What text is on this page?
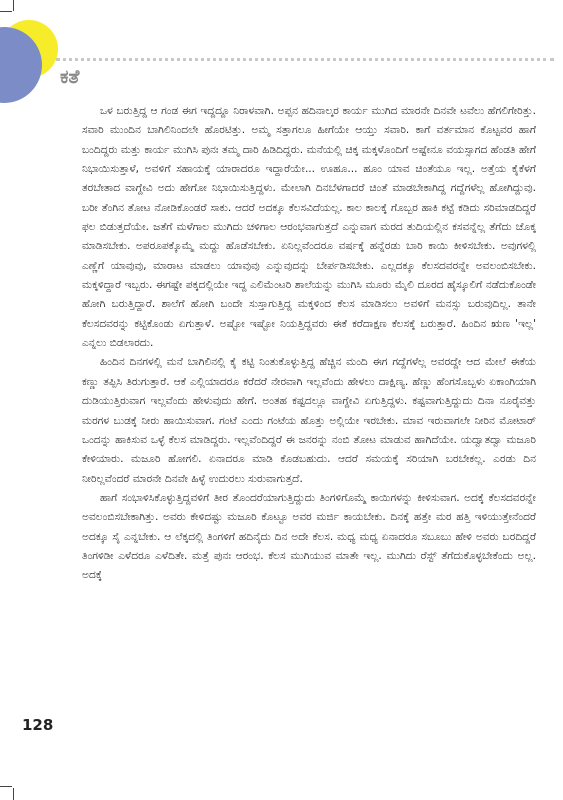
ಕತೆ

ಒಳ ಬರುತ್ತಿದ್ದ ಆ ಗಂಡ ಈಗ ಇದ್ದದ್ದೂ ನಿರಾಳವಾಗಿ. ಅಪ್ಪನ ಹದಿನಾಲ್ಕರ ಕಾರ್ಯ ಮುಗಿದ ಮಾರನೇ ದಿನವೇ ಟವೆಲು ಹೆಗಲಿಗೇರಿತ್ತು. ಸವಾರಿ ಮುಂದಿನ ಬಾಗಿಲಿನಿಂದಲೇ ಹೊರಟಿತ್ತು. ಅಮ್ಮ ಸತ್ತಾಗಲೂ ಹೀಗೆಯೇ ಆಯ್ತು ಸವಾರಿ. ಕಾಗೆ ವರ್ತಮಾನ ಕೊಟ್ಟವರ ಹಾಗೆ ಬಂದಿದ್ದರು ಮತ್ತು ಕಾರ್ಯ ಮುಗಿಸಿ ಪುನಃ ತಮ್ಮ ದಾರಿ ಹಿಡಿದಿದ್ದರು. ಮನೆಯಲ್ಲಿ ಚಿಕ್ಕ ಮಕ್ಕಳೊಂದಿಗೆ ಅಷ್ಟೇನೂ ವಯಸ್ಸಾಗದ ಹೆಂಡತಿ ಹೇಗೆ ನಿಭಾಯಿಸುತ್ತಾಳೆ, ಅವಳಿಗೆ ಸಹಾಯಕ್ಕೆ ಯಾರಾದರೂ ಇದ್ದಾರೆಯೇ... ಊಹೂ... ಹೂಂ ಯಾವ ಚಿಂತೆಯೂ ಇಲ್ಲ. ಅತ್ತೆಯ ಕೈಕೆಳಗೆ ತರಬೇತಾದ ವಾಗ್ದೇವಿ ಅದು ಹೇಗೋ ನಿಭಾಯಿಸುತ್ತಿದ್ದಳು. ಮೇಲಾಗಿ ದಿನಬೆಳಗಾದರೆ ಚಿಂತೆ ಮಾಡಬೇಕಾಗಿದ್ದ ಗದ್ದೆಗಳೆಲ್ಲ ಹೋಗಿದ್ದುವು. ಬರೀ ತೆಂಗಿನ ತೋಟ ನೋಡಿಕೊಂಡರೆ ಸಾಕು. ಆದರೆ ಅದಕ್ಕೂ ಕೆಲಸವಿದೆಯಲ್ಲ. ಕಾಲ ಕಾಲಕ್ಕೆ ಗೊಬ್ಬರ ಹಾಕಿ ಕಟ್ಟೆ ಕಡಿದು ಸರಿಮಾಡದಿದ್ದರೆ ಫಲ ಬಿಡುತ್ತದೆಯೇ. ಜತೆಗೆ ಮಳೆಗಾಲ ಮುಗಿದು ಚಳಿಗಾಲ ಆರಂಭವಾಗುತ್ತದೆ ಎನ್ನುವಾಗ ಮರದ ತುದಿಯಲ್ಲಿನ ಕಸವನ್ನೆಲ್ಲ ತೆಗೆದು ಚೊಕ್ಕ ಮಾಡಿಸಬೇಕು. ಅಪರೂಪಕ್ಕೊಮ್ಮೆ ಮದ್ದು ಹೊಡೆಸಬೇಕು. ಏನಿಲ್ಲವೆಂದರೂ ವರ್ಷಕ್ಕೆ ಹನ್ನೆರಡು ಬಾರಿ ಕಾಯಿ ಕೀಳಿಸಬೇಕು. ಅವುಗಳಲ್ಲಿ ಎಣ್ಣೆಗೆ ಯಾವುವು, ಮಾರಾಟ ಮಾಡಲು ಯಾವುವು ಎನ್ನುವುದನ್ನು ಬೇರ್ಪಡಿಸಬೇಕು. ಎಲ್ಲದಕ್ಕೂ ಕೆಲಸದವರನ್ನೇ ಅವಲಂಬಿಸಬೇಕು. ಮಕ್ಕಳಿದ್ದಾರೆ ಇಬ್ಬರು. ಈಗಷ್ಟೇ ಪಕ್ಕದಲ್ಲಿಯೇ ಇದ್ದ ಎಲಿಮೆಂಟರಿ ಶಾಲೆಯನ್ನು ಮುಗಿಸಿ ಮೂರು ಮೈಲಿ ದೂರದ ಹೈಸ್ಕೂಲಿಗೆ ನಡೆದುಕೊಂಡೇ ಹೋಗಿ ಬರುತ್ತಿದ್ದಾರೆ. ಶಾಲೆಗೆ ಹೋಗಿ ಬಂದೇ ಸುಸ್ತಾಗುತ್ತಿದ್ದ ಮಕ್ಕಳಿಂದ ಕೆಲಸ ಮಾಡಿಸಲು ಅವಳಿಗೆ ಮನಸ್ಸು ಬರುವುದಿಲ್ಲ. ತಾನೇ ಕೆಲಸದವರನ್ನು ಕಟ್ಟಿಕೊಂಡು ಏಗುತ್ತಾಳೆ. ಅಷ್ಟೋ ಇಷ್ಟೋ ನಿಯತ್ತಿದ್ದವರು ಈಕೆ ಕರೆದಾಕ್ಷಣ ಕೆಲಸಕ್ಕೆ ಬರುತ್ತಾರೆ. ಹಿಂದಿನ ಋಣ 'ಇಲ್ಲ' ಎನ್ನಲು ಬಿಡಲಾರದು.

ಹಿಂದಿನ ದಿನಗಳಲ್ಲಿ ಮನೆ ಬಾಗಿಲಿನಲ್ಲಿ ಕೈ ಕಟ್ಟಿ ನಿಂತುಕೊಳ್ಳುತ್ತಿದ್ದ ಹೆಚ್ಚಿನ ಮಂದಿ ಈಗ ಗದ್ದೆಗಳೆಲ್ಲ ಅವರದ್ದೇ ಆದ ಮೇಲೆ ಈಕೆಯ ಕಣ್ಣು ತಪ್ಪಿಸಿ ತಿರುಗುತ್ತಾರೆ. ಆಕೆ ಎಲ್ಲಿಯಾದರೂ ಕರೆದರೆ ನೇರವಾಗಿ ಇಲ್ಲವೆಂದು ಹೇಳಲು ದಾಕ್ಷಿಣ್ಯ. ಹೆಣ್ಣು ಹೆಂಗಸೊಬ್ಬಳು ಏಕಾಂಗಿಯಾಗಿ ದುಡಿಯುತ್ತಿರುವಾಗ ಇಲ್ಲವೆಂದು ಹೇಳುವುದು ಹೇಗೆ. ಅಂತಹ ಕಷ್ಟದಲ್ಲೂ ವಾಗ್ದೇವಿ ಏಗುತ್ತಿದ್ದಳು. ಕಷ್ಟವಾಗುತ್ತಿದ್ದುದು ದಿನಾ ನೂರೈವತ್ತು ಮರಗಳ ಬುಡಕ್ಕೆ ನೀರು ಹಾಯಿಸುವಾಗ. ಗಂಟೆ ಎಂದು ಗಂಟೆಯ ಹೊತ್ತು ಅಲ್ಲಿಯೇ ಇರಬೇಕು. ಮಾವ ಇರುವಾಗಲೇ ನೀರಿನ ಮೋಟಾರ್ ಒಂದನ್ನು ಹಾಕಿಸುವ ಒಳ್ಳೆ ಕೆಲಸ ಮಾಡಿದ್ದರು. ಇಲ್ಲವೆಂದಿದ್ದರೆ ಈ ಜನರನ್ನು ನಂಬಿ ತೋಟ ಮಾಡುವ ಹಾಗಿದೆಯೇ. ಯದ್ವಾತದ್ವಾ ಮಜೂರಿ ಕೇಳಿಯಾರು. ಮಜೂರಿ ಹೋಗಲಿ. ಏನಾದರೂ ಮಾಡಿ ಕೊಡಬಹುದು. ಆದರೆ ಸಮಯಕ್ಕೆ ಸರಿಯಾಗಿ ಬರಬೇಕಲ್ಲ. ಎರಡು ದಿನ ನೀರಿಲ್ಲವೆಂದರೆ ಮಾರನೇ ದಿನವೇ ಹಿಳ್ಳೆ ಉದುರಲು ಸುರುವಾಗುತ್ತದೆ.

ಹಾಗೆ ಸಂಭಾಳಿಸಿಕೊಳ್ಳುತ್ತಿದ್ದವಳಿಗೆ ತೀರ ತೊಂದರೆಯಾಗುತ್ತಿದ್ದುದು ತಿಂಗಳಿಗೊಮ್ಮೆ ಕಾಯಿಗಳನ್ನು ಕೀಳಿಸುವಾಗ. ಅದಕ್ಕೆ ಕೆಲಸದವರನ್ನೇ ಅವಲಂಬಿಸಬೇಕಾಗಿತ್ತು. ಅವರು ಕೇಳಿದಷ್ಟು ಮಜೂರಿ ಕೊಟ್ಟೂ ಅವರ ಮರ್ಜಿ ಕಾಯಬೇಕು. ದಿನಕ್ಕೆ ಹತ್ತೇ ಮರ ಹತ್ತಿ ಇಳಿಯುತ್ತೇನೆಂದರೆ ಅದಕ್ಕೂ ಸೈ ಎನ್ನಬೇಕು. ಆ ಲೆಕ್ಕದಲ್ಲಿ ತಿಂಗಳಿಗೆ ಹದಿನೈದು ದಿನ ಅದೇ ಕೆಲಸ. ಮಧ್ಯ ಮಧ್ಯ ಏನಾದರೂ ಸಬೂಬು ಹೇಳಿ ಅವರು ಬರದಿದ್ದರೆ ತಿಂಗಳಿಡೀ ಎಳೆದರೂ ಎಳೆದಿತೇ. ಮತ್ತೆ ಪುನಃ ಆರಂಭ. ಕೆಲಸ ಮುಗಿಯುವ ಮಾತೇ ಇಲ್ಲ. ಮುಗಿದು ರೆಸ್ಟ್ ತೆಗೆದುಕೊಳ್ಳಬೇಕೆಂದು ಅಲ್ಲ. ಅದಕ್ಕೆ

128
